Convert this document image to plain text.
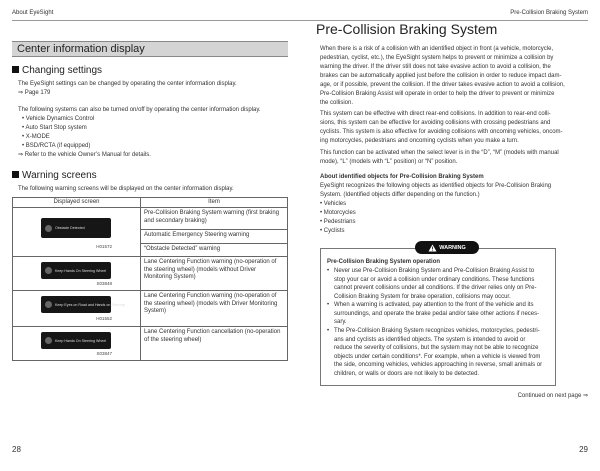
About EyeSight
Center information display
Changing settings
The EyeSight settings can be changed by operating the center information display.
⇒ Page 179
The following systems can also be turned on/off by operating the center information display.
• Vehicle Dynamics Control
• Auto Start Stop system
• X-MODE
• BSD/RCTA (if equipped)
⇒ Refer to the vehicle Owner’s Manual for details.
Warning screens
The following warning screens will be displayed on the center information display.
Displayed screen	Item

Obstacle Detected
H01572	Pre-Collision Braking System warning (first braking and secondary braking)
	Automatic Emergency Steering warning
	“Obstacle Detected” warning

Keep Hands On Steering Wheel
S03848	Lane Centering Function warning (no-operation of the steering wheel) (models without Driver Monitoring System)

Keep Eyes on Road and Hands on Steering
H01552	Lane Centering Function warning (no-operation of the steering wheel) (models with Driver Monitoring System)

Keep Hands On Steering Wheel
S03847	Lane Centering Function cancellation (no-operation of the steering wheel)
28
Pre-Collision Braking System
Pre-Collision Braking System
When there is a risk of a collision with an identified object in front (a vehicle, motorcycle,
pedestrian, cyclist, etc.), the EyeSight system helps to prevent or minimize a collision by
warning the driver. If the driver still does not take evasive action to avoid a collision, the
brakes can be automatically applied just before the collision in order to reduce impact dam-
age, or if possible, prevent the collision. If the driver takes evasive action to avoid a collision,
Pre-Collision Braking Assist will operate in order to help the driver to prevent or minimize
the collision.
This system can be effective with direct rear-end collisions. In addition to rear-end colli-
sions, this system can be effective for avoiding collisions with crossing pedestrians and
cyclists. This system is also effective for avoiding collisions with oncoming vehicles, oncom-
ing motorcycles, pedestrians and oncoming cyclists when you make a turn.
This function can be activated when the select lever is in the “D”, “M” (models with manual
mode), “L” (models with “L” position) or “N” position.
About identified objects for Pre-Collision Braking System
EyeSight recognizes the following objects as identified objects for Pre-Collision Braking
System. (Identified objects differ depending on the function.)
• Vehicles
• Motorcycles
• Pedestrians
• Cyclists
WARNING
Pre-Collision Braking System operation
• Never use Pre-Collision Braking System and Pre-Collision Braking Assist to
stop your car or avoid a collision under ordinary conditions. These functions
cannot prevent collisions under all conditions. If the driver relies only on Pre-
Collision Braking System for brake operation, collisions may occur.
• When a warning is activated, pay attention to the front of the vehicle and its
surroundings, and operate the brake pedal and/or take other actions if neces-
sary.
• The Pre-Collision Braking System recognizes vehicles, motorcycles, pedestri-
ans and cyclists as identified objects. The system is intended to avoid or
reduce the severity of collisions, but the system may not be able to recognize
objects under certain conditions*. For example, when a vehicle is viewed from
the side, oncoming vehicles, vehicles approaching in reverse, small animals or
children, or walls or doors are not likely to be detected.
Continued on next page ⇒
29
